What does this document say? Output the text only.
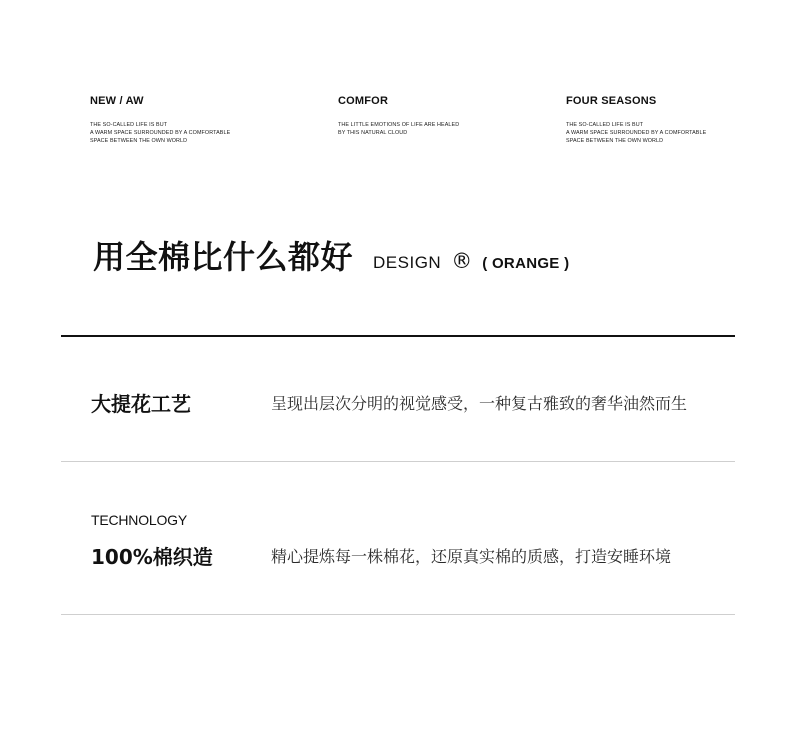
NEW / AW
THE SO-CALLED LIFE IS BUT
A WARM SPACE SURROUNDED BY A COMFORTABLE
SPACE BETWEEN THE OWN WORLD
COMFOR
THE LITTLE EMOTIONS OF LIFE ARE HEALED
BY THIS NATURAL CLOUD
FOUR SEASONS
THE SO-CALLED LIFE IS BUT
A WARM SPACE SURROUNDED BY A COMFORTABLE
SPACE BETWEEN THE OWN WORLD
用全棉比什么都好 DESIGN ® ( ORANGE )
大提花工艺	呈现出层次分明的视觉感受，一种复古雅致的奢华油然而生
TECHNOLOGY
100%棉织造	精心提炼每一株棉花，还原真实棉的质感，打造安睡环境
